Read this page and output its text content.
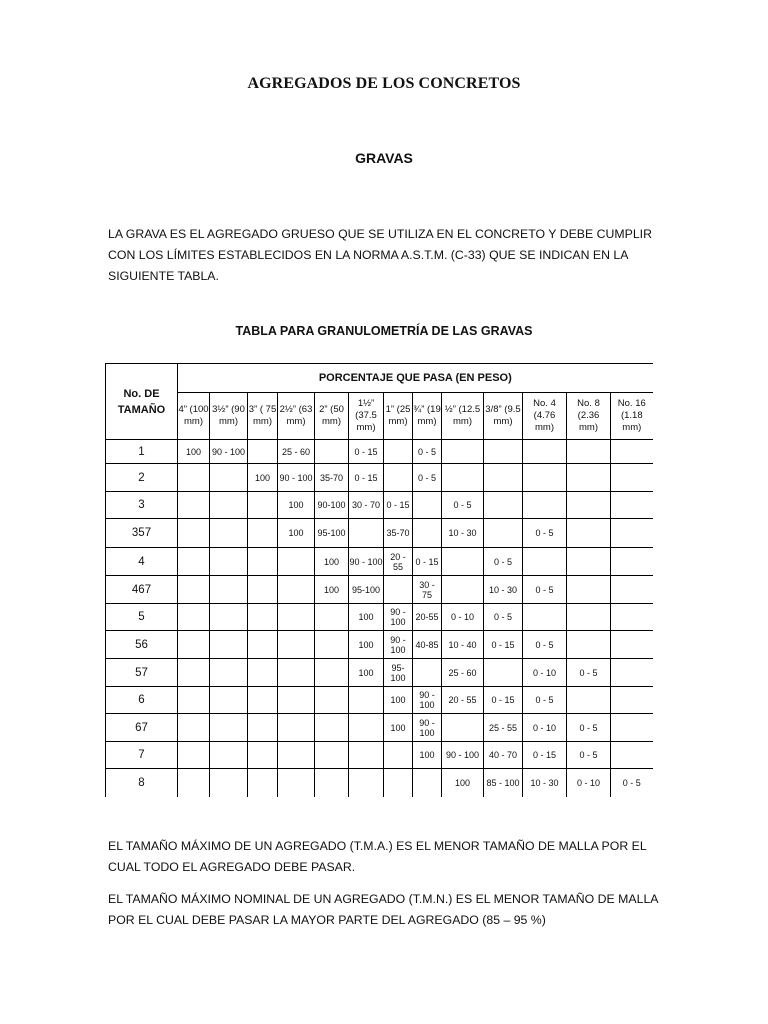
AGREGADOS DE LOS CONCRETOS
GRAVAS
LA GRAVA ES EL AGREGADO GRUESO QUE SE UTILIZA EN EL CONCRETO Y DEBE CUMPLIR CON LOS LÍMITES ESTABLECIDOS EN LA NORMA A.S.T.M. (C-33) QUE SE INDICAN EN LA SIGUIENTE TABLA.
TABLA PARA GRANULOMETRÍA DE LAS GRAVAS
No. DE TAMAÑO	PORCENTAJE QUE PASA (EN PESO)												
	4” (100 mm)	3½” (90 mm)	3” ( 75 mm)	2½” (63 mm)	2” (50 mm)	1½” (37.5 mm)	1” (25 mm)	¾” (19 mm)	½” (12.5 mm)	3/8” (9.5 mm)	No. 4 (4.76 mm)	No. 8 (2.36 mm)	No. 16 (1.18 mm)
1	100	90 - 100		25 - 60		0 - 15		0 - 5					
2			100	90 - 100	35-70	0 - 15		0 - 5					
3				100	90-100	30 - 70	0 - 15		0 - 5				
357				100	95-100		35-70		10 - 30		0 - 5		
4					100	90 - 100	20 - 55	0 - 15		0 - 5			
467					100	95-100		30 - 75		10 - 30	0 - 5		
5						100	90 - 100	20-55	0 - 10	0 - 5			
56						100	90 - 100	40-85	10 - 40	0 - 15	0 - 5		
57						100	95-100		25 - 60		0 - 10	0 - 5	
6							100	90 - 100	20 - 55	0 - 15	0 - 5		
67							100	90 - 100		25 - 55	0 - 10	0 - 5	
7								100	90 - 100	40 - 70	0 - 15	0 - 5	
8									100	85 - 100	10 - 30	0 - 10	0 - 5
EL TAMAÑO MÁXIMO DE UN AGREGADO (T.M.A.) ES EL MENOR TAMAÑO DE MALLA POR EL CUAL TODO EL AGREGADO DEBE PASAR.
EL TAMAÑO MÁXIMO NOMINAL DE UN AGREGADO (T.M.N.) ES EL MENOR TAMAÑO DE MALLA POR EL CUAL DEBE PASAR LA MAYOR PARTE DEL AGREGADO (85 – 95 %)
